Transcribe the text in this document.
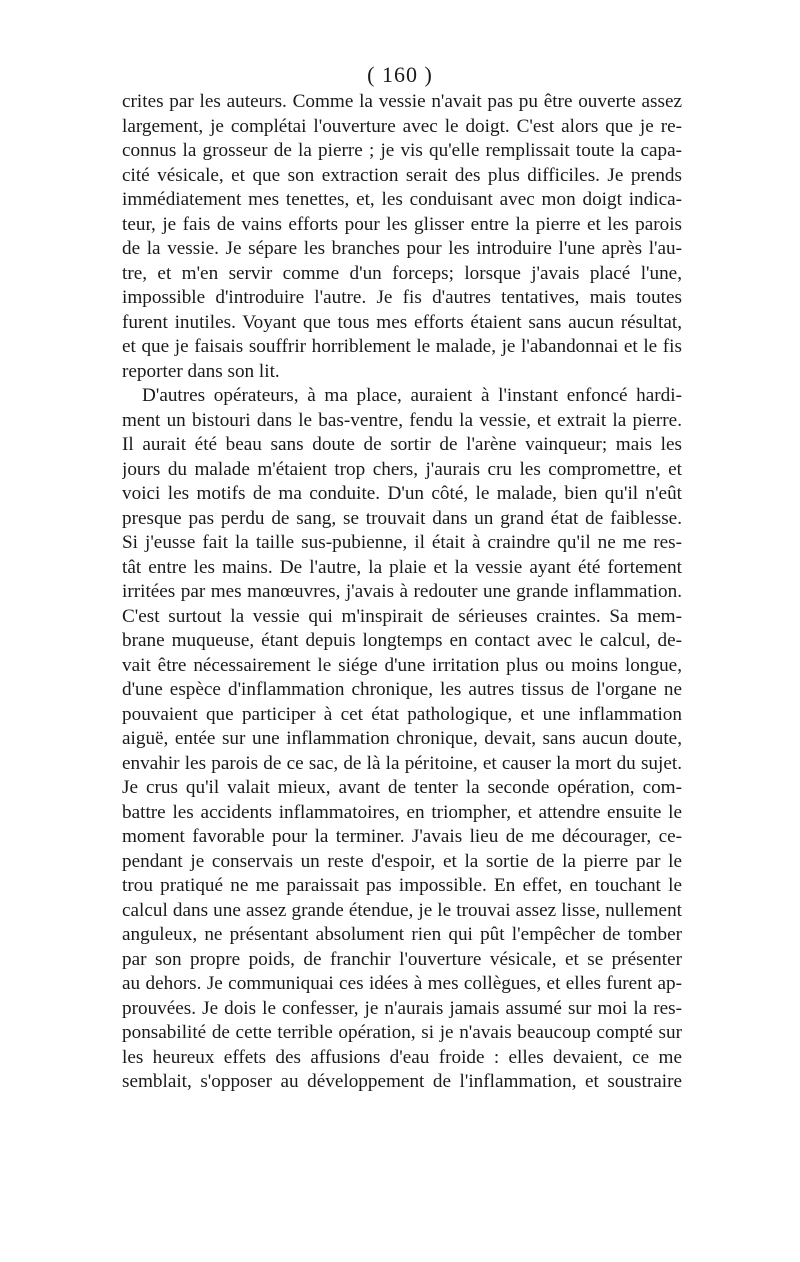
( 160 )
crites par les auteurs. Comme la vessie n'avait pas pu être ouverte assez
largement, je complétai l'ouverture avec le doigt. C'est alors que je re-
connus la grosseur de la pierre ; je vis qu'elle remplissait toute la capa-
cité vésicale, et que son extraction serait des plus difficiles. Je prends
immédiatement mes tenettes, et, les conduisant avec mon doigt indica-
teur, je fais de vains efforts pour les glisser entre la pierre et les parois
de la vessie. Je sépare les branches pour les introduire l'une après l'au-
tre, et m'en servir comme d'un forceps; lorsque j'avais placé l'une,
impossible d'introduire l'autre. Je fis d'autres tentatives, mais toutes
furent inutiles. Voyant que tous mes efforts étaient sans aucun résultat,
et que je faisais souffrir horriblement le malade, je l'abandonnai et le fis
reporter dans son lit.
D'autres opérateurs, à ma place, auraient à l'instant enfoncé hardi-
ment un bistouri dans le bas-ventre, fendu la vessie, et extrait la pierre.
Il aurait été beau sans doute de sortir de l'arène vainqueur; mais les
jours du malade m'étaient trop chers, j'aurais cru les compromettre, et
voici les motifs de ma conduite. D'un côté, le malade, bien qu'il n'eût
presque pas perdu de sang, se trouvait dans un grand état de faiblesse.
Si j'eusse fait la taille sus-pubienne, il était à craindre qu'il ne me res-
tât entre les mains. De l'autre, la plaie et la vessie ayant été fortement
irritées par mes manœuvres, j'avais à redouter une grande inflammation.
C'est surtout la vessie qui m'inspirait de sérieuses craintes. Sa mem-
brane muqueuse, étant depuis longtemps en contact avec le calcul, de-
vait être nécessairement le siége d'une irritation plus ou moins longue,
d'une espèce d'inflammation chronique, les autres tissus de l'organe ne
pouvaient que participer à cet état pathologique, et une inflammation
aiguë, entée sur une inflammation chronique, devait, sans aucun doute,
envahir les parois de ce sac, de là la péritoine, et causer la mort du sujet.
Je crus qu'il valait mieux, avant de tenter la seconde opération, com-
battre les accidents inflammatoires, en triompher, et attendre ensuite le
moment favorable pour la terminer. J'avais lieu de me décourager, ce-
pendant je conservais un reste d'espoir, et la sortie de la pierre par le
trou pratiqué ne me paraissait pas impossible. En effet, en touchant le
calcul dans une assez grande étendue, je le trouvai assez lisse, nullement
anguleux, ne présentant absolument rien qui pût l'empêcher de tomber
par son propre poids, de franchir l'ouverture vésicale, et se présenter
au dehors. Je communiquai ces idées à mes collègues, et elles furent ap-
prouvées. Je dois le confesser, je n'aurais jamais assumé sur moi la res-
ponsabilité de cette terrible opération, si je n'avais beaucoup compté sur
les heureux effets des affusions d'eau froide : elles devaient, ce me
semblait, s'opposer au développement de l'inflammation, et soustraire
